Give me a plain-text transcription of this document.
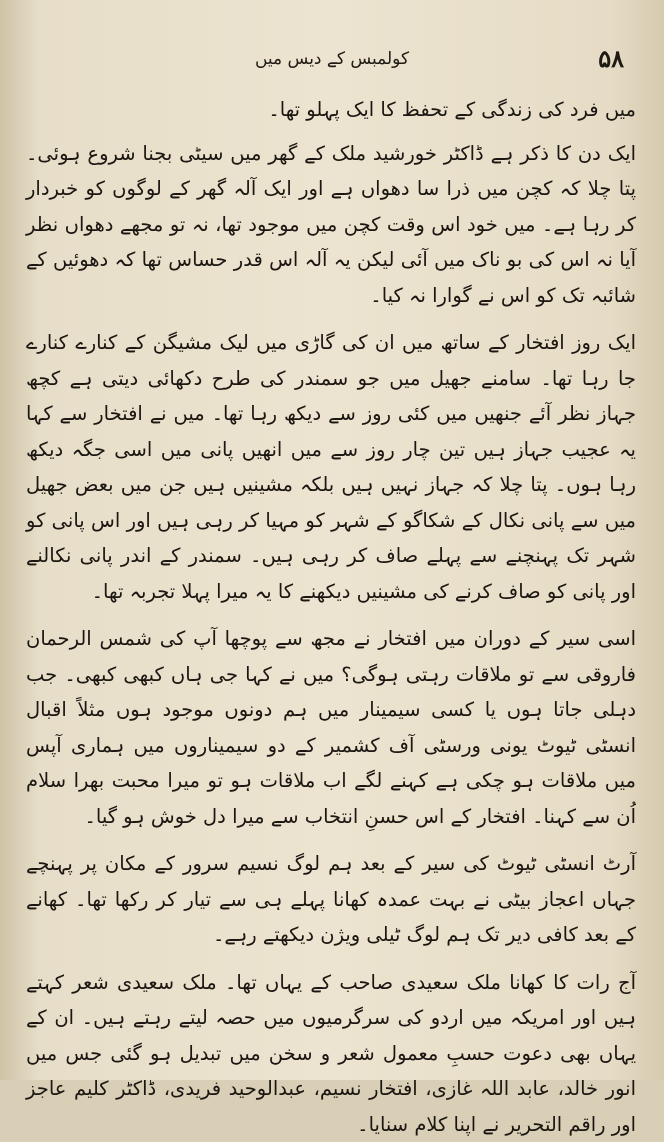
کولمبس کے دیس میں	۵۸

میں فرد کی زندگی کے تحفظ کا ایک پہلو تھا۔

ایک دن کا ذکر ہے ڈاکٹر خورشید ملک کے گھر میں سیٹی بجنا شروع ہوئی۔ پتا چلا کہ کچن میں ذرا سا دھواں ہے اور ایک آلہ گھر کے لوگوں کو خبردار کر رہا ہے۔ میں خود اس وقت کچن میں موجود تھا، نہ تو مجھے دھواں نظر آیا نہ اس کی بو ناک میں آئی لیکن یہ آلہ اس قدر حساس تھا کہ دھوئیں کے شائبہ تک کو اس نے گوارا نہ کیا۔

ایک روز افتخار کے ساتھ میں ان کی گاڑی میں لیک مشیگن کے کنارے کنارے جا رہا تھا۔ سامنے جھیل میں جو سمندر کی طرح دکھائی دیتی ہے کچھ جہاز نظر آئے جنھیں میں کئی روز سے دیکھ رہا تھا۔ میں نے افتخار سے کہا یہ عجیب جہاز ہیں تین چار روز سے میں انھیں پانی میں اسی جگہ دیکھ رہا ہوں۔ پتا چلا کہ جہاز نہیں ہیں بلکہ مشینیں ہیں جن میں بعض جھیل میں سے پانی نکال کے شکاگو کے شہر کو مہیا کر رہی ہیں اور اس پانی کو شہر تک پہنچنے سے پہلے صاف کر رہی ہیں۔ سمندر کے اندر پانی نکالنے اور پانی کو صاف کرنے کی مشینیں دیکھنے کا یہ میرا پہلا تجربہ تھا۔

اسی سیر کے دوران میں افتخار نے مجھ سے پوچھا آپ کی شمس الرحمان فاروقی سے تو ملاقات رہتی ہوگی؟ میں نے کہا جی ہاں کبھی کبھی۔ جب دہلی جاتا ہوں یا کسی سیمینار میں ہم دونوں موجود ہوں مثلاً اقبال انسٹی ٹیوٹ یونی ورسٹی آف کشمیر کے دو سیمیناروں میں ہماری آپس میں ملاقات ہو چکی ہے کہنے لگے اب ملاقات ہو تو میرا محبت بھرا سلام اُن سے کہنا۔ افتخار کے اس حسنِ انتخاب سے میرا دل خوش ہو گیا۔

آرٹ انسٹی ٹیوٹ کی سیر کے بعد ہم لوگ نسیم سرور کے مکان پر پہنچے جہاں اعجاز بیٹی نے بہت عمدہ کھانا پہلے ہی سے تیار کر رکھا تھا۔ کھانے کے بعد کافی دیر تک ہم لوگ ٹیلی ویژن دیکھتے رہے۔

آج رات کا کھانا ملک سعیدی صاحب کے یہاں تھا۔ ملک سعیدی شعر کہتے ہیں اور امریکہ میں اردو کی سرگرمیوں میں حصہ لیتے رہتے ہیں۔ ان کے یہاں بھی دعوت حسبِ معمول شعر و سخن میں تبدیل ہو گئی جس میں انور خالد، عابد اللہ غازی، افتخار نسیم، عبدالوحید فریدی، ڈاکٹر کلیم عاجز اور راقم التحریر نے اپنا کلام سنایا۔
